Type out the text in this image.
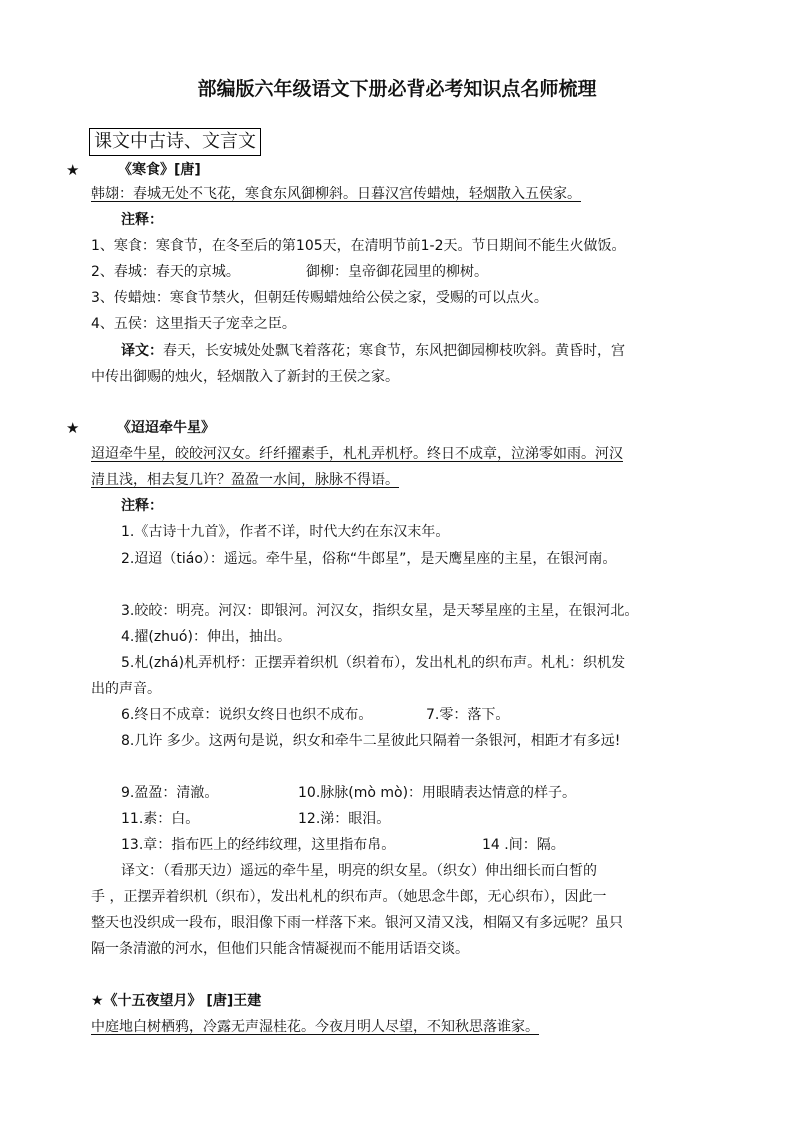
部编版六年级语文下册必背必考知识点名师梳理
课文中古诗、文言文
★	《寒食》[唐]
韩翃：春城无处不飞花，寒食东风御柳斜。日暮汉宫传蜡烛，轻烟散入五侯家。
注释：
1、寒食：寒食节，在冬至后的第105天，在清明节前1-2天。节日期间不能生火做饭。
2、春城：春天的京城。	御柳：皇帝御花园里的柳树。
3、传蜡烛：寒食节禁火，但朝廷传赐蜡烛给公侯之家，受赐的可以点火。
4、五侯：这里指天子宠幸之臣。
译文： 春天，长安城处处飘飞着落花；寒食节，东风把御园柳枝吹斜。黄昏时，宫
中传出御赐的烛火，轻烟散入了新封的王侯之家。
★	《迢迢牵牛星》
迢迢牵牛星，皎皎河汉女。纤纤擢素手，札札弄机杼。终日不成章，泣涕零如雨。河汉
清且浅，相去复几许？盈盈一水间，脉脉不得语。
注释：
1.《古诗十九首》，作者不详，时代大约在东汉末年。
2.迢迢（tiáo）：遥远。牵牛星，俗称“牛郎星”，是天鹰星座的主星，在银河南。
3.皎皎：明亮。河汉：即银河。河汉女，指织女星，是天琴星座的主星，在银河北。
4.擢(zhuó)：伸出，抽出。
5.札(zhá)札弄机杼：正摆弄着织机（织着布），发出札札的织布声。札札：织机发
出的声音。
6.终日不成章：说织女终日也织不成布。	7.零：落下。
8.几许 多少。这两句是说，织女和牵牛二星彼此只隔着一条银河，相距才有多远!
9.盈盈：清澈。	10.脉脉(mò mò)：用眼睛表达情意的样子。
11.素：白。	12.涕：眼泪。
13.章：指布匹上的经纬纹理，这里指布帛。	14 .间：隔。
译文：（看那天边）遥远的牵牛星，明亮的织女星。（织女）伸出细长而白皙的
手 ，正摆弄着织机（织布），发出札札的织布声。（她思念牛郎，无心织布），因此一
整天也没织成一段布，眼泪像下雨一样落下来。银河又清又浅，相隔又有多远呢？虽只
隔一条清澈的河水，但他们只能含情凝视而不能用话语交谈。
★《十五夜望月》 [唐]王建
中庭地白树栖鸦，冷露无声湿桂花。今夜月明人尽望，不知秋思落谁家。
